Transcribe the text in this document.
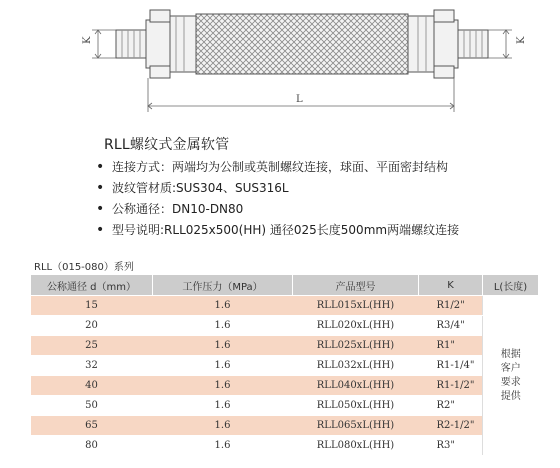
K	K
L
RLL螺纹式金属软管
• 连接方式：两端均为公制或英制螺纹连接，球面、平面密封结构
• 波纹管材质:SUS304、SUS316L
• 公称通径：DN10-DN80
• 型号说明:RLL025x500(HH) 通径025长度500mm两端螺纹连接
RLL（015-080）系列
公称通径 d（mm）	工作压力（MPa）	产品型号	K	L(长度)
15	1.6	RLL015xL(HH)	R1/2"	根据客户要求提供
20	1.6	RLL020xL(HH)	R3/4"	
25	1.6	RLL025xL(HH)	R1"	
32	1.6	RLL032xL(HH)	R1-1/4"	
40	1.6	RLL040xL(HH)	R1-1/2"	
50	1.6	RLL050xL(HH)	R2"	
65	1.6	RLL065xL(HH)	R2-1/2"	
80	1.6	RLL080xL(HH)	R3"	
